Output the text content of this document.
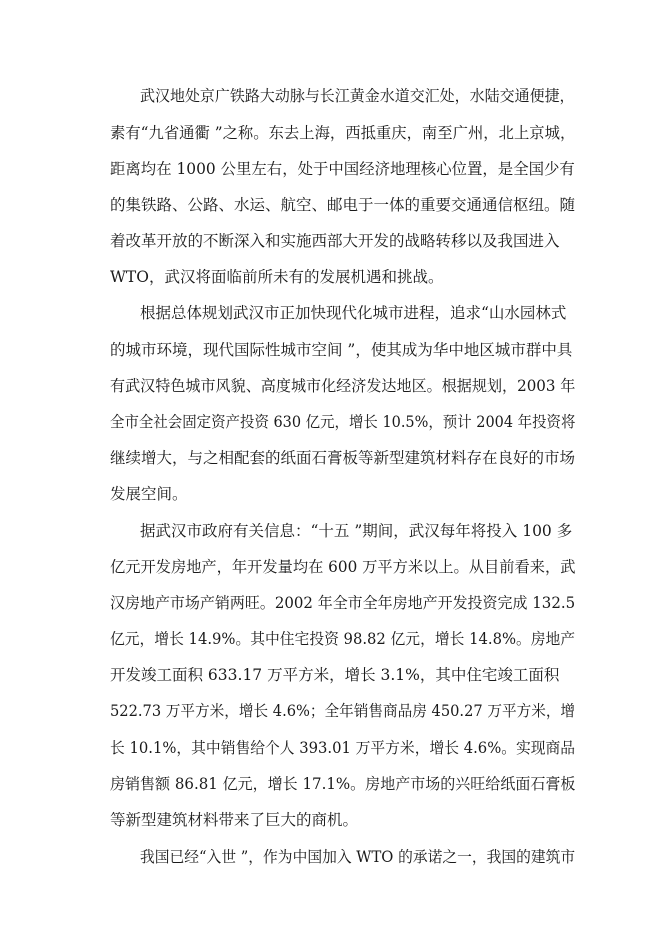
武汉地处京广铁路大动脉与长江黄金水道交汇处，水陆交通便捷，
素有“九省通衢 ”之称。东去上海，西抵重庆，南至广州，北上京城，
距离均在 1000 公里左右，处于中国经济地理核心位置，是全国少有
的集铁路、公路、水运、航空、邮电于一体的重要交通通信枢纽。随
着改革开放的不断深入和实施西部大开发的战略转移以及我国进入
WTO，武汉将面临前所未有的发展机遇和挑战。
根据总体规划武汉市正加快现代化城市进程，追求“山水园林式
的城市环境，现代国际性城市空间 ”，使其成为华中地区城市群中具
有武汉特色城市风貌、高度城市化经济发达地区。根据规划，2003 年
全市全社会固定资产投资 630 亿元，增长 10.5%，预计 2004 年投资将
继续增大，与之相配套的纸面石膏板等新型建筑材料存在良好的市场
发展空间。
据武汉市政府有关信息：“十五 ”期间，武汉每年将投入 100 多
亿元开发房地产，年开发量均在 600 万平方米以上。从目前看来，武
汉房地产市场产销两旺。2002 年全市全年房地产开发投资完成 132.5
亿元，增长 14.9%。其中住宅投资 98.82 亿元，增长 14.8%。房地产
开发竣工面积 633.17 万平方米，增长 3.1%，其中住宅竣工面积
522.73 万平方米，增长 4.6%；全年销售商品房 450.27 万平方米，增
长 10.1%，其中销售给个人 393.01 万平方米，增长 4.6%。实现商品
房销售额 86.81 亿元，增长 17.1%。房地产市场的兴旺给纸面石膏板
等新型建筑材料带来了巨大的商机。
我国已经“入世 ”，作为中国加入 WTO 的承诺之一，我国的建筑市
